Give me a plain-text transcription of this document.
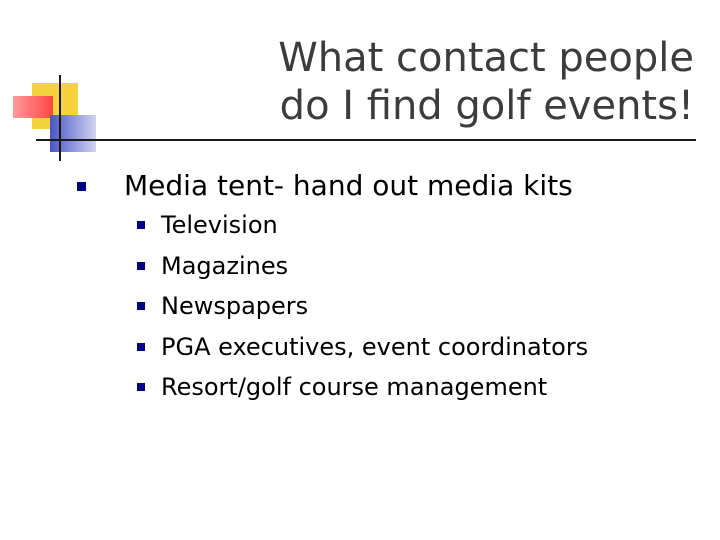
What contact people
do I find golf events!
Media tent- hand out media kits
Television
Magazines
Newspapers
PGA executives, event coordinators
Resort/golf course management
